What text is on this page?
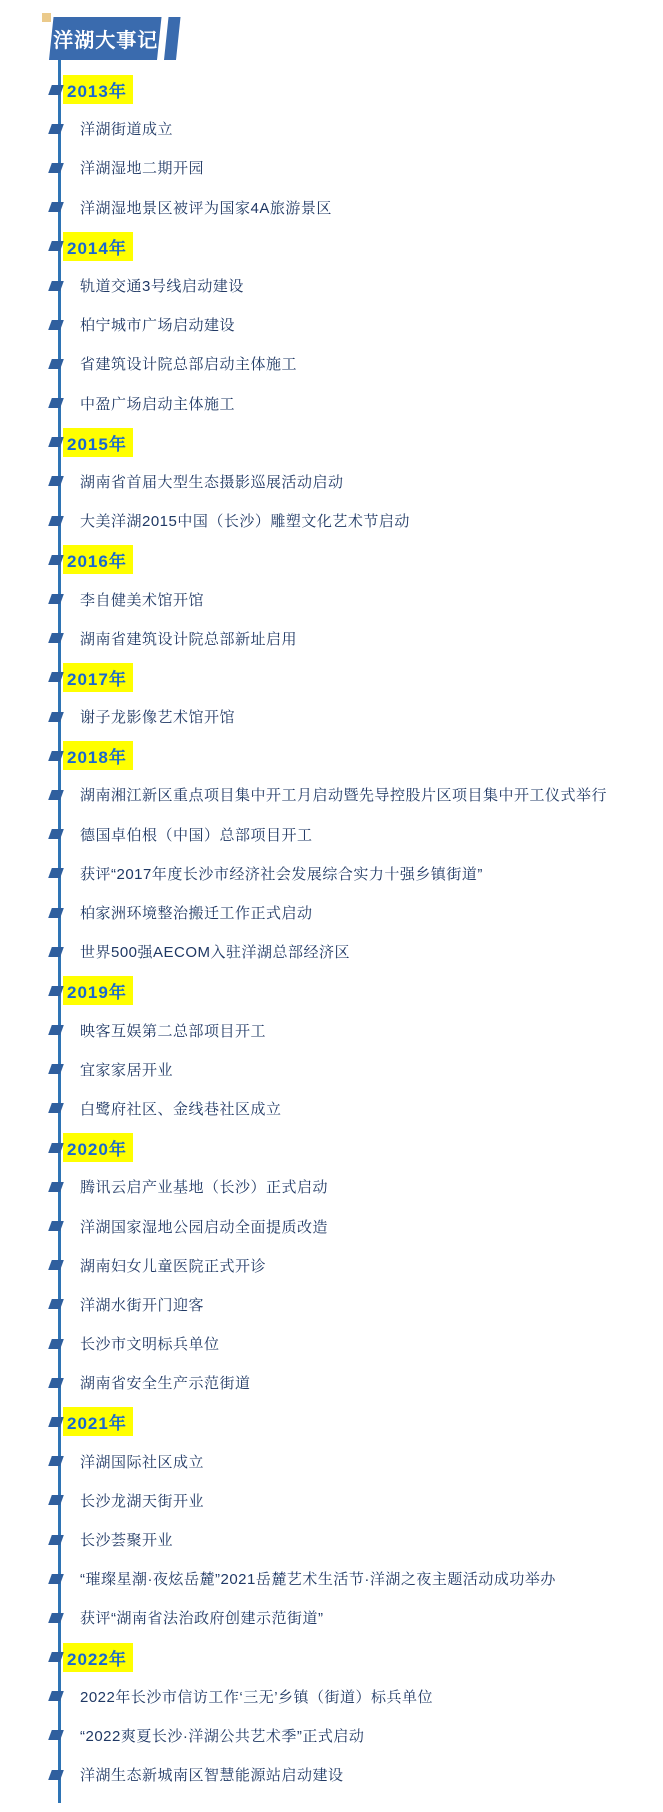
洋湖大事记
2013年
洋湖街道成立
洋湖湿地二期开园
洋湖湿地景区被评为国家4A旅游景区
2014年
轨道交通3号线启动建设
柏宁城市广场启动建设
省建筑设计院总部启动主体施工
中盈广场启动主体施工
2015年
湖南省首届大型生态摄影巡展活动启动
大美洋湖2015中国（长沙）雕塑文化艺术节启动
2016年
李自健美术馆开馆
湖南省建筑设计院总部新址启用
2017年
谢子龙影像艺术馆开馆
2018年
湖南湘江新区重点项目集中开工月启动暨先导控股片区项目集中开工仪式举行
德国卓伯根（中国）总部项目开工
获评“2017年度长沙市经济社会发展综合实力十强乡镇街道”
柏家洲环境整治搬迁工作正式启动
世界500强AECOM入驻洋湖总部经济区
2019年
映客互娱第二总部项目开工
宜家家居开业
白鹭府社区、金线巷社区成立
2020年
腾讯云启产业基地（长沙）正式启动
洋湖国家湿地公园启动全面提质改造
湖南妇女儿童医院正式开诊
洋湖水街开门迎客
长沙市文明标兵单位
湖南省安全生产示范街道
2021年
洋湖国际社区成立
长沙龙湖天街开业
长沙荟聚开业
“璀璨星潮·夜炫岳麓”2021岳麓艺术生活节·洋湖之夜主题活动成功举办
获评“湖南省法治政府创建示范街道”
2022年
2022年长沙市信访工作‘三无’乡镇（街道）标兵单位
“2022爽夏长沙·洋湖公共艺术季”正式启动
洋湖生态新城南区智慧能源站启动建设
